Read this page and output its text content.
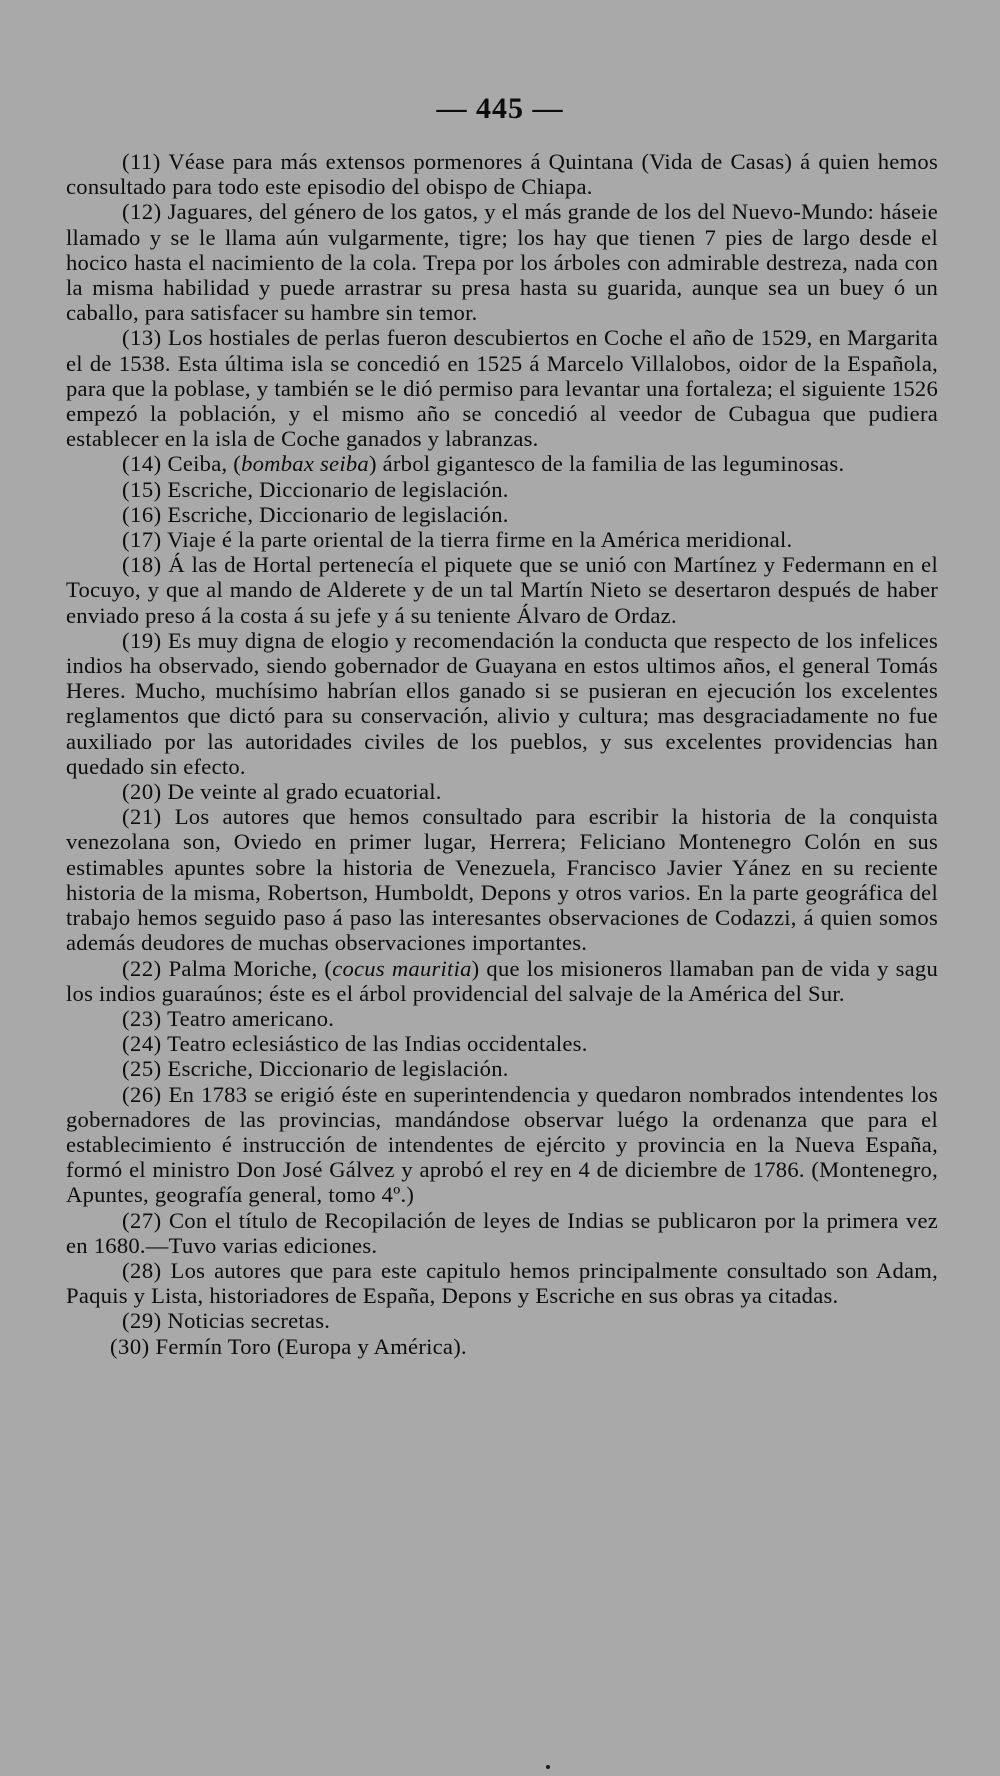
— 445 —

(11) Véase para más extensos pormenores á Quintana (Vida de Casas) á quien hemos consultado para todo este episodio del obispo de Chiapa.

(12) Jaguares, del género de los gatos, y el más grande de los del Nuevo-Mundo: háseie llamado y se le llama aún vulgarmente, tigre; los hay que tienen 7 pies de largo desde el hocico hasta el nacimiento de la cola. Trepa por los árboles con admirable destreza, nada con la misma habilidad y puede arrastrar su presa hasta su guarida, aunque sea un buey ó un caballo, para satisfacer su hambre sin temor.

(13) Los hostiales de perlas fueron descubiertos en Coche el año de 1529, en Margarita el de 1538. Esta última isla se concedió en 1525 á Marcelo Villalobos, oidor de la Española, para que la poblase, y también se le dió permiso para levantar una fortaleza; el siguiente 1526 empezó la población, y el mismo año se concedió al veedor de Cubagua que pudiera establecer en la isla de Coche ganados y labranzas.

(14) Ceiba, (bombax seiba) árbol gigantesco de la familia de las leguminosas.

(15) Escriche, Diccionario de legislación.

(16) Escriche, Diccionario de legislación.

(17) Viaje é la parte oriental de la tierra firme en la América meridional.

(18) Á las de Hortal pertenecía el piquete que se unió con Martínez y Federmann en el Tocuyo, y que al mando de Alderete y de un tal Martín Nieto se desertaron después de haber enviado preso á la costa á su jefe y á su teniente Álvaro de Ordaz.

(19) Es muy digna de elogio y recomendación la conducta que respecto de los infelices indios ha observado, siendo gobernador de Guayana en estos ultimos años, el general Tomás Heres. Mucho, muchísimo habrían ellos ganado si se pusieran en ejecución los excelentes reglamentos que dictó para su conservación, alivio y cultura; mas desgraciadamente no fue auxiliado por las autoridades civiles de los pueblos, y sus excelentes providencias han quedado sin efecto.

(20) De veinte al grado ecuatorial.

(21) Los autores que hemos consultado para escribir la historia de la conquista venezolana son, Oviedo en primer lugar, Herrera; Feliciano Montenegro Colón en sus estimables apuntes sobre la historia de Venezuela, Francisco Javier Yánez en su reciente historia de la misma, Robertson, Humboldt, Depons y otros varios. En la parte geográfica del trabajo hemos seguido paso á paso las interesantes observaciones de Codazzi, á quien somos además deudores de muchas observaciones importantes.

(22) Palma Moriche, (cocus mauritia) que los misioneros llamaban pan de vida y sagu los indios guaraúnos; éste es el árbol providencial del salvaje de la América del Sur.

(23) Teatro americano.

(24) Teatro eclesiástico de las Indias occidentales.

(25) Escriche, Diccionario de legislación.

(26) En 1783 se erigió éste en superintendencia y quedaron nombrados intendentes los gobernadores de las provincias, mandándose observar luégo la ordenanza que para el establecimiento é instrucción de intendentes de ejército y provincia en la Nueva España, formó el ministro Don José Gálvez y aprobó el rey en 4 de diciembre de 1786. (Montenegro, Apuntes, geografía general, tomo 4º.)

(27) Con el título de Recopilación de leyes de Indias se publicaron por la primera vez en 1680.—Tuvo varias ediciones.

(28) Los autores que para este capitulo hemos principalmente consultado son Adam, Paquis y Lista, historiadores de España, Depons y Escriche en sus obras ya citadas.

(29) Noticias secretas.

(30) Fermín Toro (Europa y América).
